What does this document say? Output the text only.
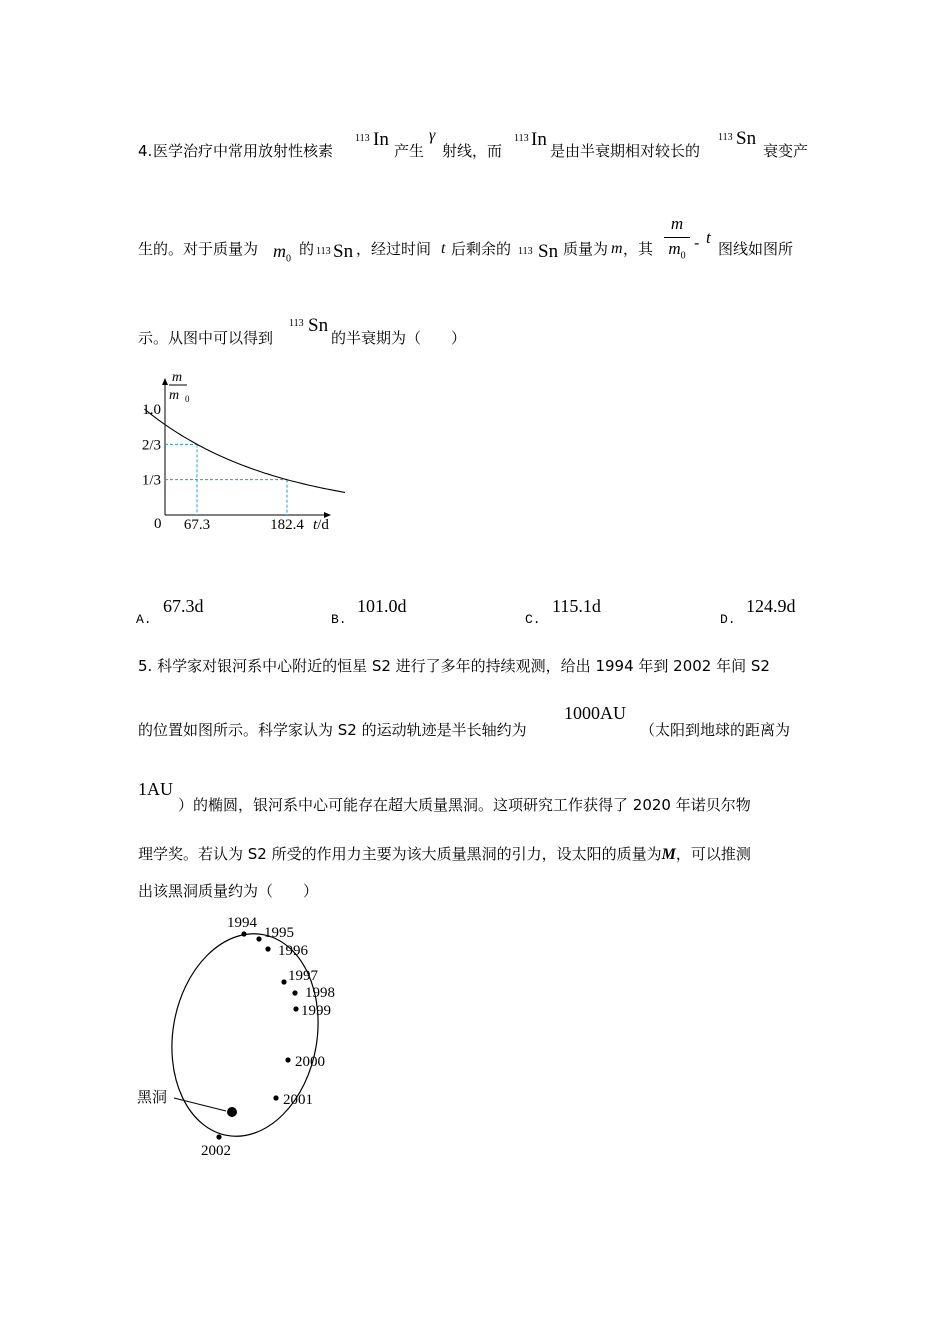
4. 医学治疗中常用放射性核素
113 In
产生
γ
射线，而
113 In
是由半衰期相对较长的
113 Sn
衰变产
生的。对于质量为 $m_0$
的 113 Sn ，经过时间 t 后剩余的 113 Sn 质量为 m ，其 $\frac{m}{m_0}$ - t
图线如图所
示。从图中可以得到
113 Sn
的半衰期为（　　）
m
m 0
t/d
0
1.0
2/3
1/3
67.3	182.4
A.
67.3d
B.
101.0d
C.
115.1d
D.
124.9d
5. 科学家对银河系中心附近的恒星 S2 进行了多年的持续观测，给出 1994 年到 2002 年间 S2
的位置如图所示。科学家认为 S2 的运动轨迹是半长轴约为
1000AU
（太阳到地球的距离为
1AU
）的椭圆，银河系中心可能存在超大质量黑洞。这项研究工作获得了 2020 年诺贝尔物
理学奖。若认为 S2 所受的作用力主要为该大质量黑洞的引力，设太阳的质量为M，可以推测
出该黑洞质量约为（　　）
黑洞
1994
1995
1996
1997
1998
1999
2000
2001
2002
